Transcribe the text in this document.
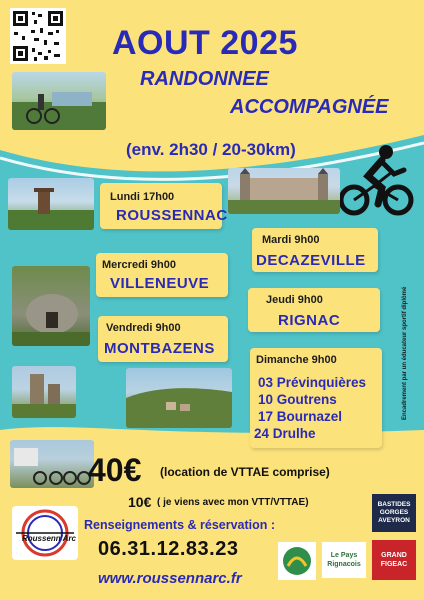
AOUT 2025
RANDONNEE
ACCOMPAGNÉE
(env. 2h30 / 20-30km)
Lundi 17h00
ROUSSENNAC
Mardi 9h00
DECAZEVILLE
Mercredi 9h00
VILLENEUVE
Jeudi 9h00
RIGNAC
Vendredi 9h00
MONTBAZENS
Dimanche 9h00
03 Prévinquières
10 Goutrens
17 Bournazel
24 Drulhe
Encadrement par un éducateur sportif diplômé
40€ (location de VTTAE comprise)
10€ ( je viens avec mon VTT/VTTAE)
Renseignements & réservation :
06.31.12.83.23
www.roussennarc.fr
Roussenn'Arc
BASTIDES
GORGES
AVEYRON
Le Pays
Rignacois
GRAND
FIGEAC
